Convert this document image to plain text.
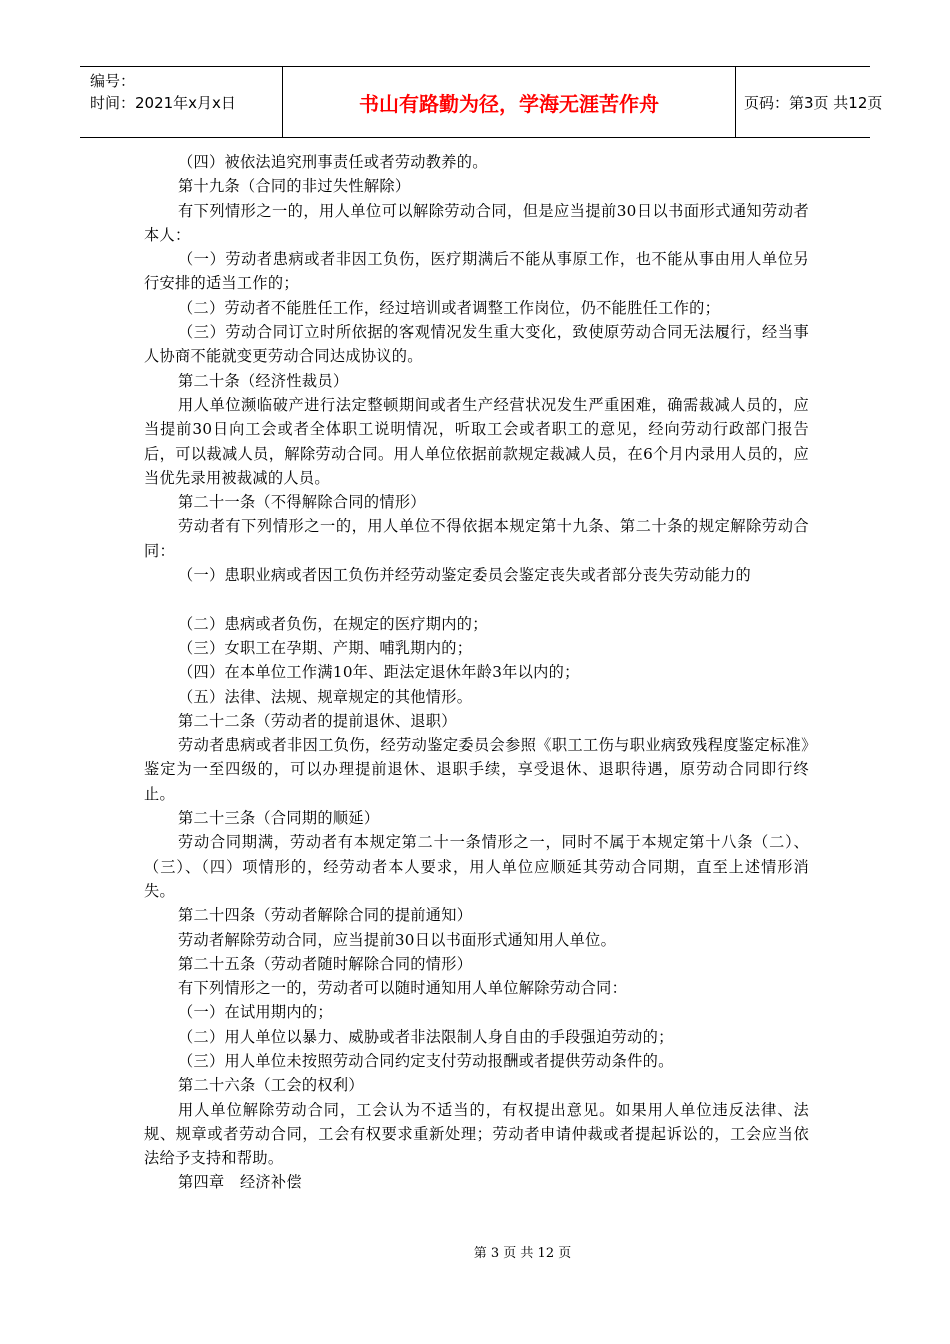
编号：
时间：2021年x月x日	书山有路勤为径，学海无涯苦作舟	页码：第3页 共12页

（四）被依法追究刑事责任或者劳动教养的。

第十九条（合同的非过失性解除）

有下列情形之一的，用人单位可以解除劳动合同，但是应当提前30日以书面形式通知劳动者本人：

（一）劳动者患病或者非因工负伤，医疗期满后不能从事原工作，也不能从事由用人单位另行安排的适当工作的；

（二）劳动者不能胜任工作，经过培训或者调整工作岗位，仍不能胜任工作的；

（三）劳动合同订立时所依据的客观情况发生重大变化，致使原劳动合同无法履行，经当事人协商不能就变更劳动合同达成协议的。

第二十条（经济性裁员）

用人单位濒临破产进行法定整顿期间或者生产经营状况发生严重困难，确需裁减人员的，应当提前30日向工会或者全体职工说明情况，听取工会或者职工的意见，经向劳动行政部门报告后，可以裁减人员，解除劳动合同。用人单位依据前款规定裁减人员，在6个月内录用人员的，应当优先录用被裁减的人员。

第二十一条（不得解除合同的情形）

劳动者有下列情形之一的，用人单位不得依据本规定第十九条、第二十条的规定解除劳动合同：

（一）患职业病或者因工负伤并经劳动鉴定委员会鉴定丧失或者部分丧失劳动能力的

（二）患病或者负伤，在规定的医疗期内的；

（三）女职工在孕期、产期、哺乳期内的；

（四）在本单位工作满10年、距法定退休年龄3年以内的；

（五）法律、法规、规章规定的其他情形。

第二十二条（劳动者的提前退休、退职）

劳动者患病或者非因工负伤，经劳动鉴定委员会参照《职工工伤与职业病致残程度鉴定标准》鉴定为一至四级的，可以办理提前退休、退职手续，享受退休、退职待遇，原劳动合同即行终止。

第二十三条（合同期的顺延）

劳动合同期满，劳动者有本规定第二十一条情形之一，同时不属于本规定第十八条（二）、（三）、（四）项情形的，经劳动者本人要求，用人单位应顺延其劳动合同期，直至上述情形消失。

第二十四条（劳动者解除合同的提前通知）

劳动者解除劳动合同，应当提前30日以书面形式通知用人单位。

第二十五条（劳动者随时解除合同的情形）

有下列情形之一的，劳动者可以随时通知用人单位解除劳动合同：

（一）在试用期内的；

（二）用人单位以暴力、威胁或者非法限制人身自由的手段强迫劳动的；

（三）用人单位未按照劳动合同约定支付劳动报酬或者提供劳动条件的。

第二十六条（工会的权利）

用人单位解除劳动合同，工会认为不适当的，有权提出意见。如果用人单位违反法律、法规、规章或者劳动合同，工会有权要求重新处理；劳动者申请仲裁或者提起诉讼的，工会应当依法给予支持和帮助。

第四章　经济补偿

第 3 页 共 12 页
